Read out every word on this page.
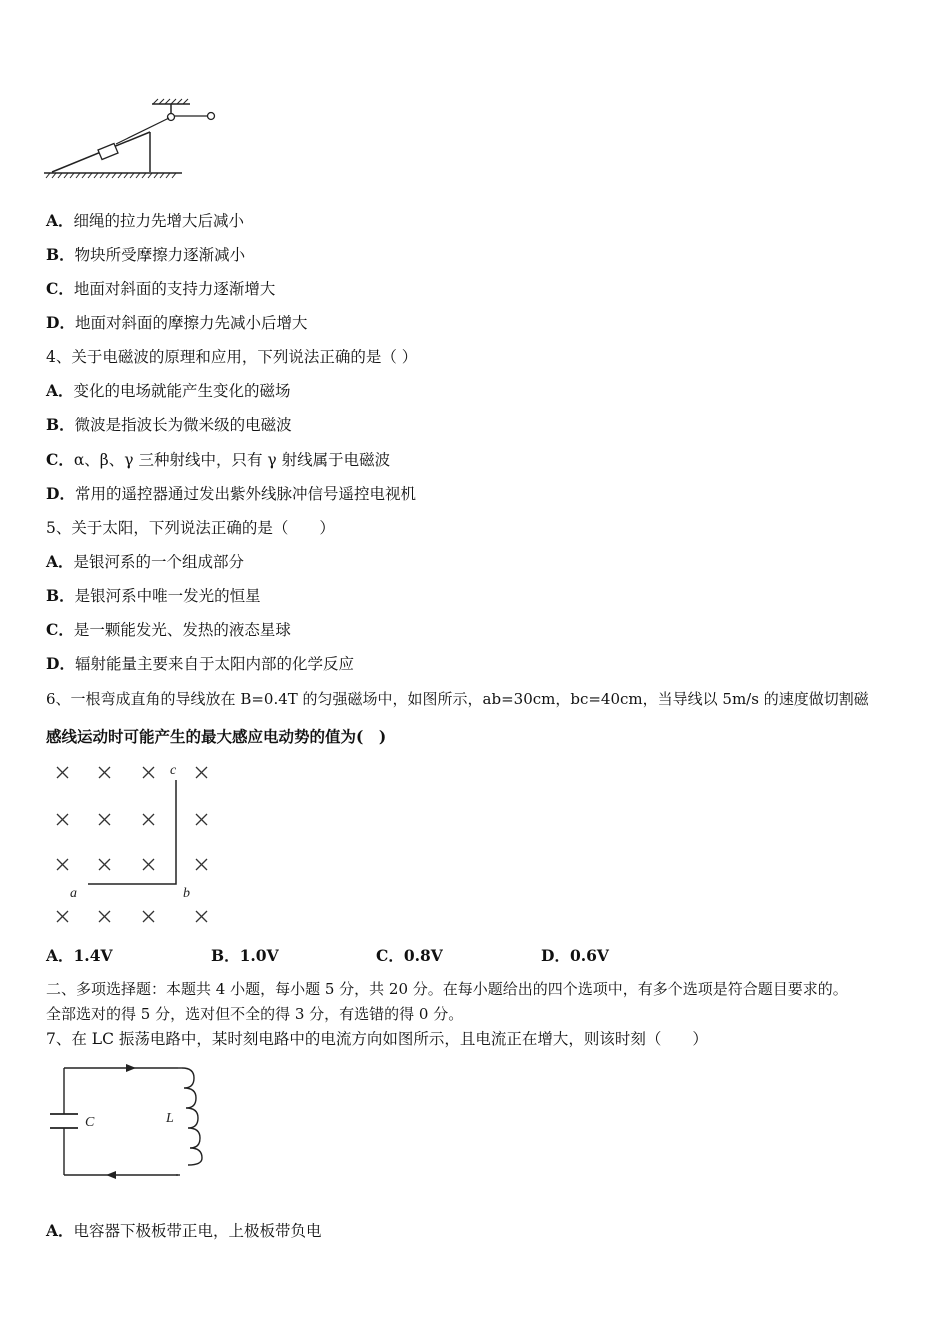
A．细绳的拉力先增大后减小
B．物块所受摩擦力逐渐减小
C．地面对斜面的支持力逐渐增大
D．地面对斜面的摩擦力先减小后增大
4、关于电磁波的原理和应用，下列说法正确的是（ ）
A．变化的电场就能产生变化的磁场
B．微波是指波长为微米级的电磁波
C．α、β、γ 三种射线中，只有 γ 射线属于电磁波
D．常用的遥控器通过发出紫外线脉冲信号遥控电视机
5、关于太阳，下列说法正确的是（　　）
A．是银河系的一个组成部分
B．是银河系中唯一发光的恒星
C．是一颗能发光、发热的液态星球
D．辐射能量主要来自于太阳内部的化学反应
6、一根弯成直角的导线放在 B=0.4T 的匀强磁场中，如图所示，ab=30cm，bc=40cm，当导线以 5m/s 的速度做切割磁
感线运动时可能产生的最大感应电动势的值为(　)
a	b
c
A．1.4V	B．1.0V	C．0.8V	D．0.6V
二、多项选择题：本题共 4 小题，每小题 5 分，共 20 分。在每小题给出的四个选项中，有多个选项是符合题目要求的。
全部选对的得 5 分，选对但不全的得 3 分，有选错的得 0 分。
7、在 LC 振荡电路中，某时刻电路中的电流方向如图所示，且电流正在增大，则该时刻（　　）
C	L
A．电容器下极板带正电，上极板带负电
